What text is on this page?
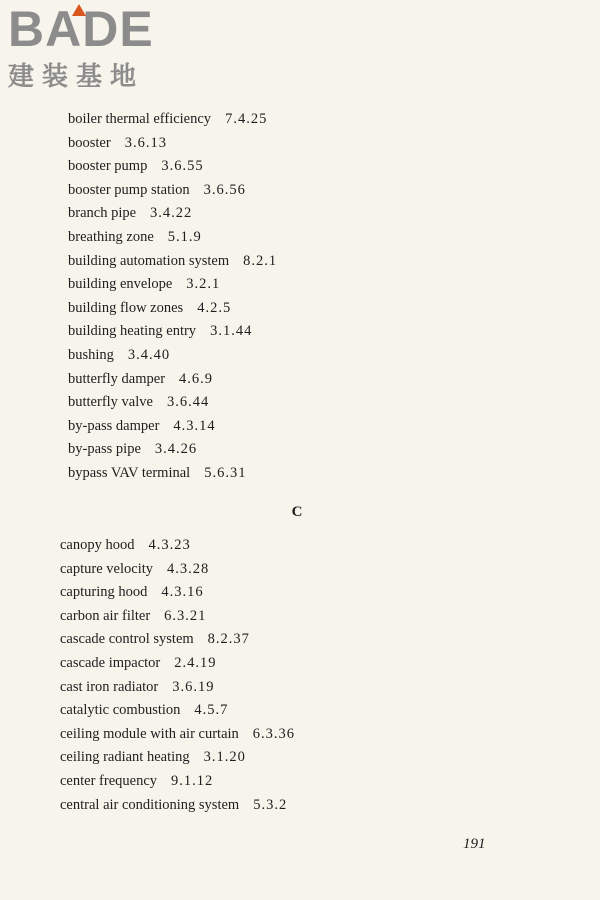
BADE
建装基地
boiler thermal efficiency 7.4.25
booster 3.6.13
booster pump 3.6.55
booster pump station 3.6.56
branch pipe 3.4.22
breathing zone 5.1.9
building automation system 8.2.1
building envelope 3.2.1
building flow zones 4.2.5
building heating entry 3.1.44
bushing 3.4.40
butterfly damper 4.6.9
butterfly valve 3.6.44
by-pass damper 4.3.14
by-pass pipe 3.4.26
bypass VAV terminal 5.6.31
C
canopy hood 4.3.23
capture velocity 4.3.28
capturing hood 4.3.16
carbon air filter 6.3.21
cascade control system 8.2.37
cascade impactor 2.4.19
cast iron radiator 3.6.19
catalytic combustion 4.5.7
ceiling module with air curtain 6.3.36
ceiling radiant heating 3.1.20
center frequency 9.1.12
central air conditioning system 5.3.2
191
